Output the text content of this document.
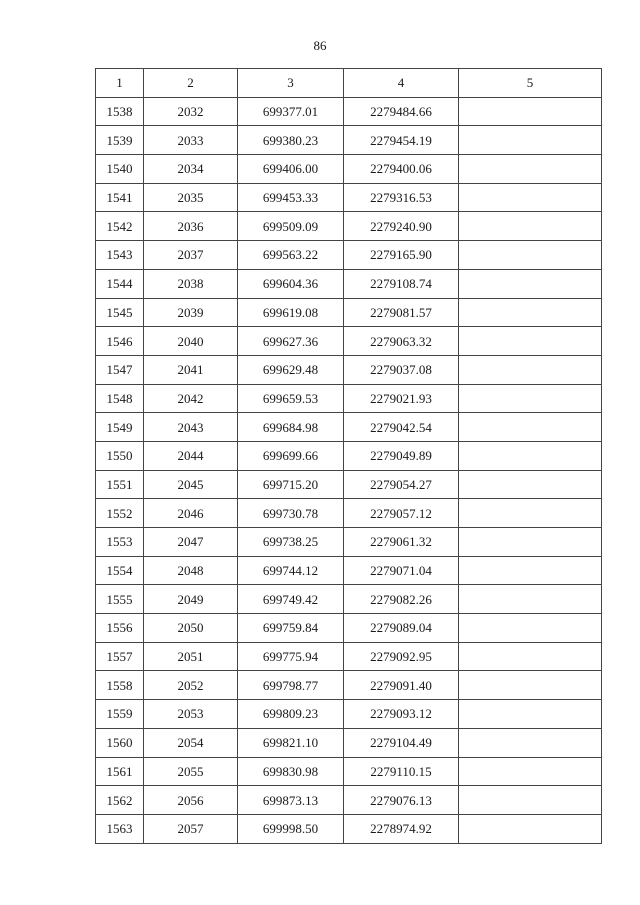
86
1	2	3	4	5
1538	2032	699377.01	2279484.66	
1539	2033	699380.23	2279454.19	
1540	2034	699406.00	2279400.06	
1541	2035	699453.33	2279316.53	
1542	2036	699509.09	2279240.90	
1543	2037	699563.22	2279165.90	
1544	2038	699604.36	2279108.74	
1545	2039	699619.08	2279081.57	
1546	2040	699627.36	2279063.32	
1547	2041	699629.48	2279037.08	
1548	2042	699659.53	2279021.93	
1549	2043	699684.98	2279042.54	
1550	2044	699699.66	2279049.89	
1551	2045	699715.20	2279054.27	
1552	2046	699730.78	2279057.12	
1553	2047	699738.25	2279061.32	
1554	2048	699744.12	2279071.04	
1555	2049	699749.42	2279082.26	
1556	2050	699759.84	2279089.04	
1557	2051	699775.94	2279092.95	
1558	2052	699798.77	2279091.40	
1559	2053	699809.23	2279093.12	
1560	2054	699821.10	2279104.49	
1561	2055	699830.98	2279110.15	
1562	2056	699873.13	2279076.13	
1563	2057	699998.50	2278974.92	
